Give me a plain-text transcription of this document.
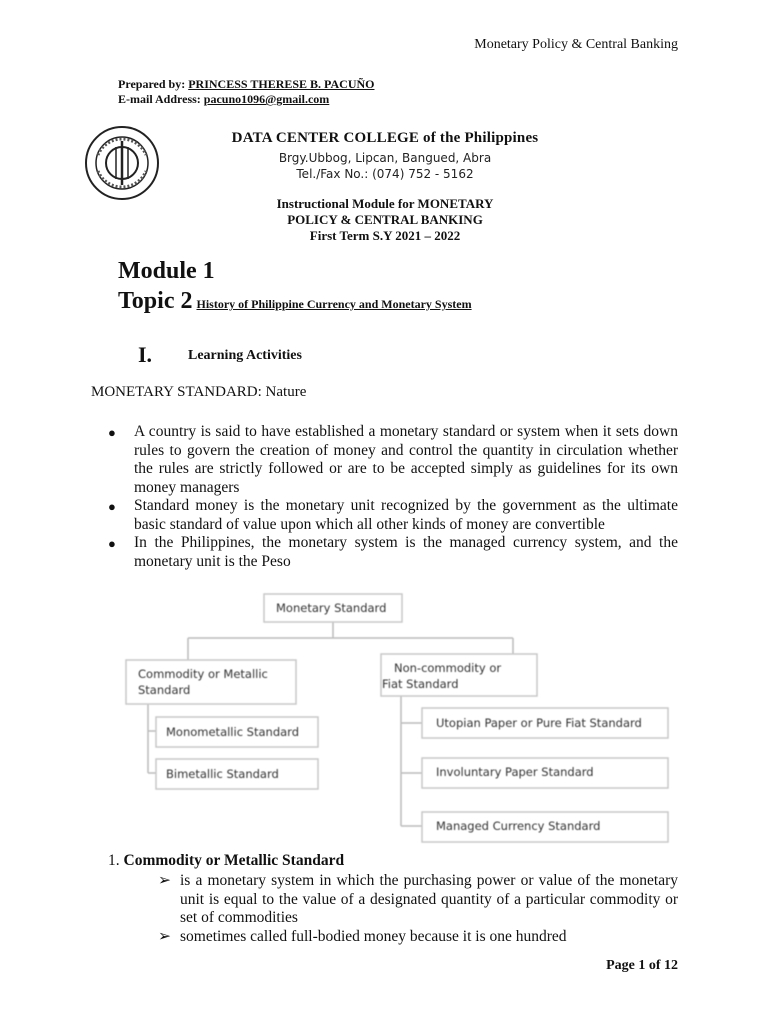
Monetary Policy & Central Banking
Prepared by: PRINCESS THERESE B. PACUÑO
E-mail Address: pacuno1096@gmail.com
DATA CENTER COLLEGE of the Philippines
Brgy.Ubbog, Lipcan, Bangued, Abra
Tel./Fax No.: (074) 752 - 5162
Instructional Module for MONETARY
POLICY & CENTRAL BANKING
First Term S.Y 2021 – 2022
Module 1
Topic 2 History of Philippine Currency and Monetary System
I.	Learning Activities
MONETARY STANDARD: Nature
● A country is said to have established a monetary standard or system when it sets down rules to govern the creation of money and control the quantity in circulation whether the rules are strictly followed or are to be accepted simply as guidelines for its own money managers
● Standard money is the monetary unit recognized by the government as the ultimate basic standard of value upon which all other kinds of money are convertible
● In the Philippines, the monetary system is the managed currency system, and the monetary unit is the Peso
Monetary Standard
Commodity or Metallic
Standard
Monometallic Standard
Bimetallic Standard
Non-commodity or
Fiat Standard
Utopian Paper or Pure Fiat Standard
Involuntary Paper Standard
Managed Currency Standard
1. Commodity or Metallic Standard
➢ is a monetary system in which the purchasing power or value of the monetary unit is equal to the value of a designated quantity of a particular commodity or set of commodities
➢ sometimes called full-bodied money because it is one hundred
Page 1 of 12
